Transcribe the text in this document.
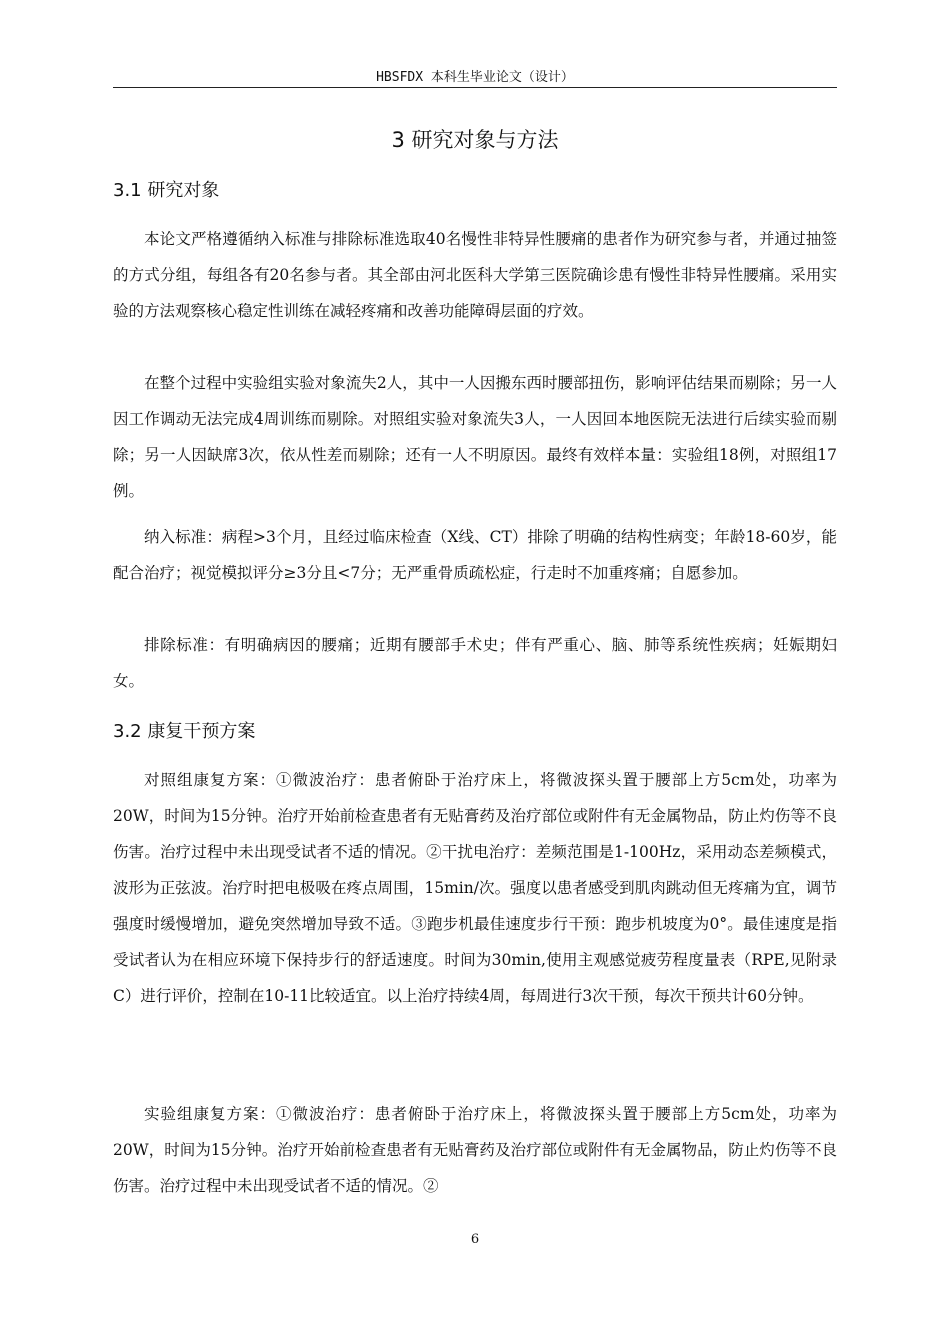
HBSFDX 本科生毕业论文（设计）
3 研究对象与方法
3.1 研究对象

本论文严格遵循纳入标准与排除标准选取40名慢性非特异性腰痛的患者作为研究参与者，并通过抽签的方式分组，每组各有20名参与者。其全部由河北医科大学第三医院确诊患有慢性非特异性腰痛。采用实验的方法观察核心稳定性训练在减轻疼痛和改善功能障碍层面的疗效。

在整个过程中实验组实验对象流失2人，其中一人因搬东西时腰部扭伤，影响评估结果而剔除；另一人因工作调动无法完成4周训练而剔除。对照组实验对象流失3人，一人因回本地医院无法进行后续实验而剔除；另一人因缺席3次，依从性差而剔除；还有一人不明原因。最终有效样本量：实验组18例，对照组17例。

纳入标准：病程>3个月，且经过临床检查（X线、CT）排除了明确的结构性病变；年龄18-60岁，能配合治疗；视觉模拟评分≥3分且<7分；无严重骨质疏松症，行走时不加重疼痛；自愿参加。

排除标准：有明确病因的腰痛；近期有腰部手术史；伴有严重心、脑、肺等系统性疾病；妊娠期妇女。

3.2 康复干预方案

对照组康复方案：①微波治疗：患者俯卧于治疗床上，将微波探头置于腰部上方5cm处，功率为20W，时间为15分钟。治疗开始前检查患者有无贴膏药及治疗部位或附件有无金属物品，防止灼伤等不良伤害。治疗过程中未出现受试者不适的情况。②干扰电治疗：差频范围是1-100Hz，采用动态差频模式，波形为正弦波。治疗时把电极吸在疼点周围，15min/次。强度以患者感受到肌肉跳动但无疼痛为宜，调节强度时缓慢增加，避免突然增加导致不适。③跑步机最佳速度步行干预：跑步机坡度为0°。最佳速度是指受试者认为在相应环境下保持步行的舒适速度。时间为30min,使用主观感觉疲劳程度量表（RPE,见附录C）进行评价，控制在10-11比较适宜。以上治疗持续4周，每周进行3次干预，每次干预共计60分钟。

实验组康复方案：①微波治疗：患者俯卧于治疗床上，将微波探头置于腰部上方5cm处，功率为20W，时间为15分钟。治疗开始前检查患者有无贴膏药及治疗部位或附件有无金属物品，防止灼伤等不良伤害。治疗过程中未出现受试者不适的情况。②

6
